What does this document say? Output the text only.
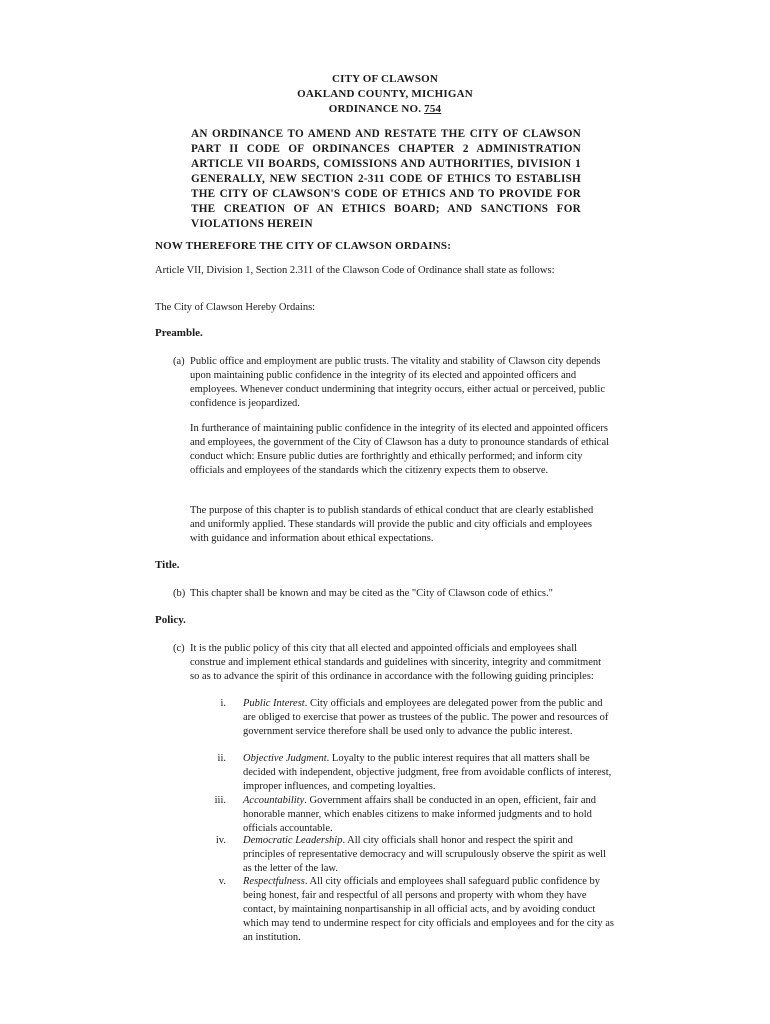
CITY OF CLAWSON
OAKLAND COUNTY, MICHIGAN
ORDINANCE NO. 754
AN ORDINANCE TO AMEND AND RESTATE THE CITY OF CLAWSON PART II CODE OF ORDINANCES CHAPTER 2 ADMINISTRATION ARTICLE VII BOARDS, COMISSIONS AND AUTHORITIES, DIVISION 1 GENERALLY, NEW SECTION 2-311 CODE OF ETHICS TO ESTABLISH THE CITY OF CLAWSON'S CODE OF ETHICS AND TO PROVIDE FOR THE CREATION OF AN ETHICS BOARD; AND SANCTIONS FOR VIOLATIONS HEREIN
NOW THEREFORE THE CITY OF CLAWSON ORDAINS:
Article VII, Division 1, Section 2.311 of the Clawson Code of Ordinance shall state as follows:
The City of Clawson Hereby Ordains:
Preamble.
(a) Public office and employment are public trusts. The vitality and stability of Clawson city depends upon maintaining public confidence in the integrity of its elected and appointed officers and employees. Whenever conduct undermining that integrity occurs, either actual or perceived, public confidence is jeopardized.
In furtherance of maintaining public confidence in the integrity of its elected and appointed officers and employees, the government of the City of Clawson has a duty to pronounce standards of ethical conduct which: Ensure public duties are forthrightly and ethically performed; and inform city officials and employees of the standards which the citizenry expects them to observe.
The purpose of this chapter is to publish standards of ethical conduct that are clearly established and uniformly applied. These standards will provide the public and city officials and employees with guidance and information about ethical expectations.
Title.
(b) This chapter shall be known and may be cited as the "City of Clawson code of ethics."
Policy.
(c) It is the public policy of this city that all elected and appointed officials and employees shall construe and implement ethical standards and guidelines with sincerity, integrity and commitment so as to advance the spirit of this ordinance in accordance with the following guiding principles:
i. Public Interest. City officials and employees are delegated power from the public and are obliged to exercise that power as trustees of the public. The power and resources of government service therefore shall be used only to advance the public interest.
ii. Objective Judgment. Loyalty to the public interest requires that all matters shall be decided with independent, objective judgment, free from avoidable conflicts of interest, improper influences, and competing loyalties.
iii. Accountability. Government affairs shall be conducted in an open, efficient, fair and honorable manner, which enables citizens to make informed judgments and to hold officials accountable.
iv. Democratic Leadership. All city officials shall honor and respect the spirit and principles of representative democracy and will scrupulously observe the spirit as well as the letter of the law.
v. Respectfulness. All city officials and employees shall safeguard public confidence by being honest, fair and respectful of all persons and property with whom they have contact, by maintaining nonpartisanship in all official acts, and by avoiding conduct which may tend to undermine respect for city officials and employees and for the city as an institution.
